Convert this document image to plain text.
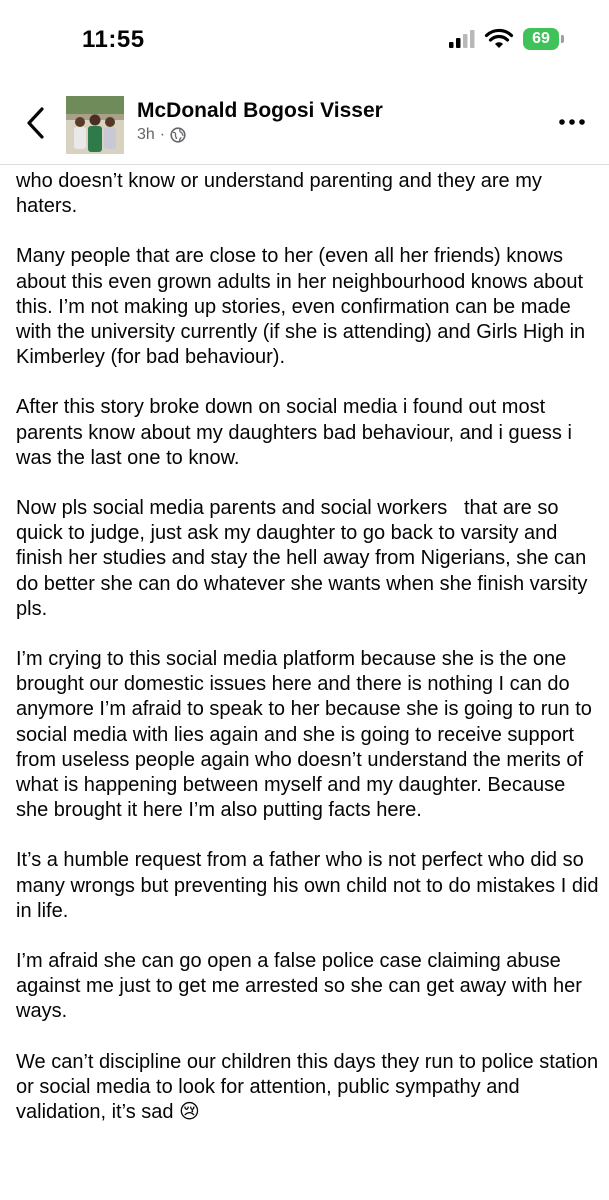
11:55	69
McDonald Bogosi Visser
3h ·

who doesn’t know or understand parenting and they are my haters.

Many people that are close to her (even all her friends) knows about this even grown adults in her neighbourhood knows about this. I’m not making up stories, even confirmation can be made with the university currently (if she is attending) and Girls High in Kimberley (for bad behaviour).

After this story broke down on social media i found out most parents know about my daughters bad behaviour, and i guess i was the last one to know.

Now pls social media parents and social workers   that are so quick to judge, just ask my daughter to go back to varsity and finish her studies and stay the hell away from Nigerians, she can do better she can do whatever she wants when she finish varsity pls.

I’m crying to this social media platform because she is the one brought our domestic issues here and there is nothing I can do anymore I’m afraid to speak to her because she is going to run to social media with lies again and she is going to receive support from useless people again who doesn’t understand the merits of what is happening between myself and my daughter. Because she brought it here I’m also putting facts here.

It’s a humble request from a father who is not perfect who did so many wrongs but preventing his own child not to do mistakes I did in life.

I’m afraid she can go open a false police case claiming abuse against me just to get me arrested so she can get away with her ways.

We can’t discipline our children this days they run to police station or social media to look for attention, public sympathy and validation, it’s sad 😢
